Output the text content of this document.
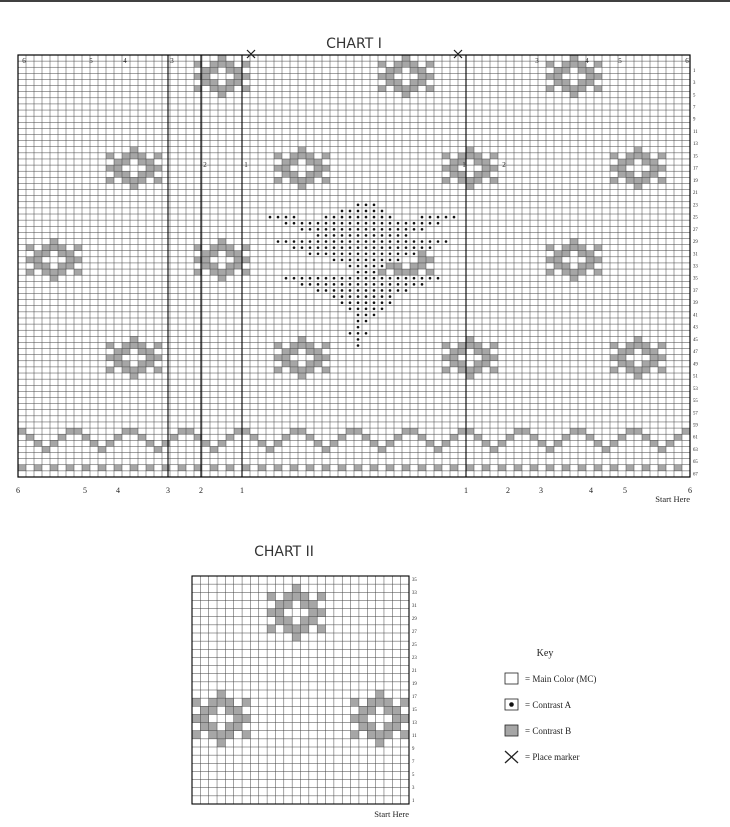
CHART I
1
3
5
7
9
11
13
15
17
19
21
23
25
27
29
31
33
35
37
39
41
43
45
47
49
51
53
55
57
59
61
63
65
67
6	5	4	3	2	1	1	2	3	4	5	6
6	5	4	3	3	4	5	6
2	1	1	2
Start Here
CHART II
1
3
5
7
9
11
13
15
17
19
21
23
25
27
29
31
33
35
Start Here
Key
= Main Color (MC)
= Contrast A
= Contrast B
= Place marker
